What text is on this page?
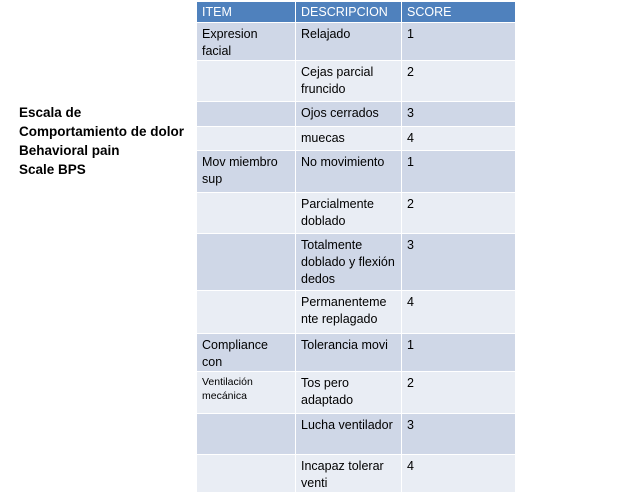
Escala de
Comportamiento de dolor
Behavioral pain
Scale BPS
ITEM	DESCRIPCION	SCORE
Expresion facial	Relajado	1
	Cejas parcial fruncido	2
	Ojos cerrados	3
	muecas	4
Mov miembro sup	No movimiento	1
	Parcialmente doblado	2
	Totalmente doblado y flexión dedos	3
	Permanenteme nte replagado	4
Compliance con	Tolerancia movi	1
Ventilación mecánica	Tos pero adaptado	2
	Lucha ventilador	3
	Incapaz tolerar venti	4
